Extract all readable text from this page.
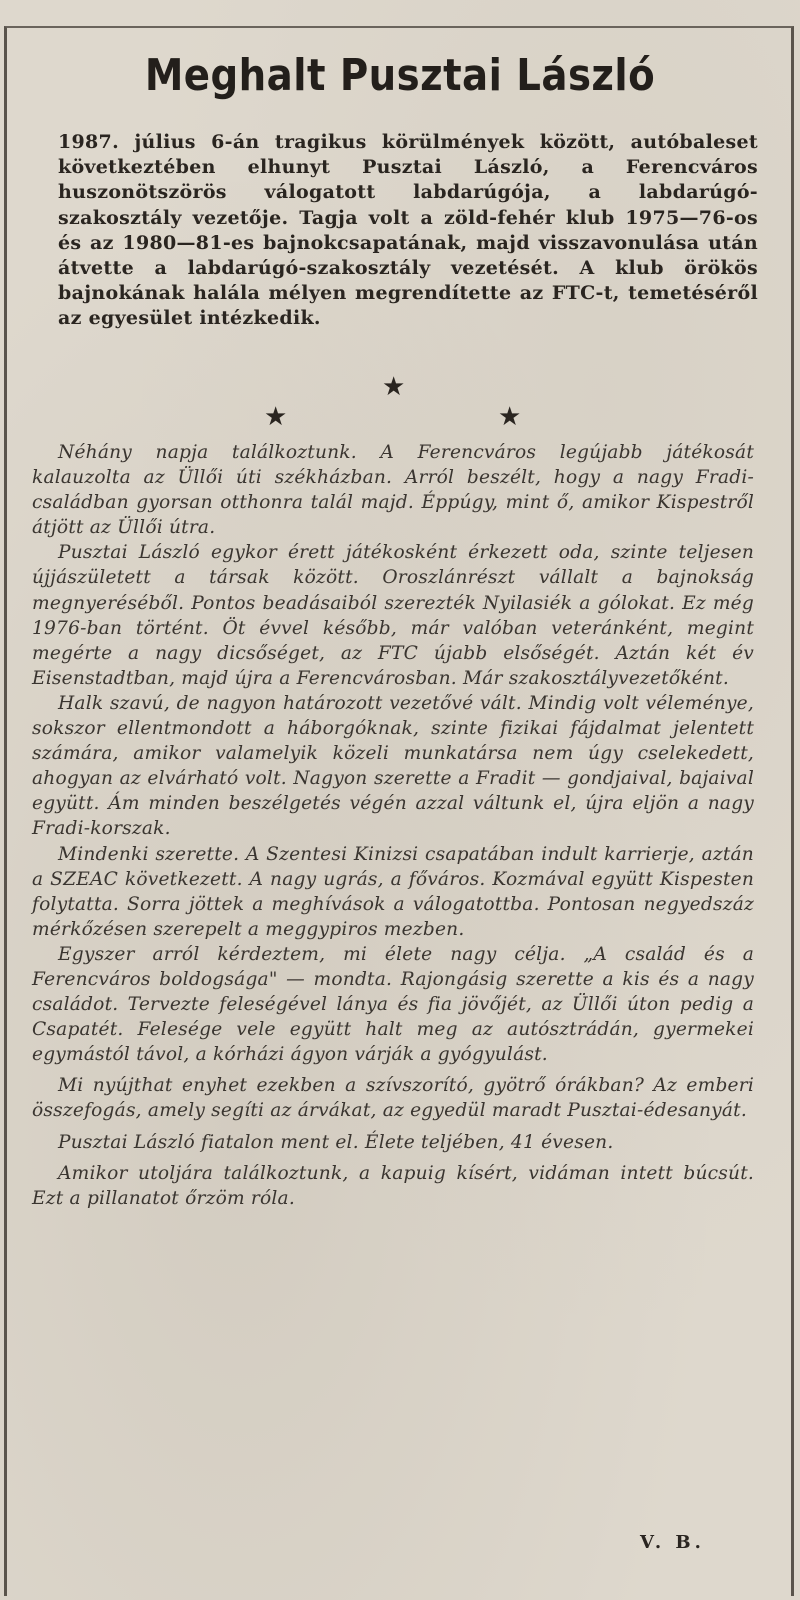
Meghalt Pusztai László

1987. július 6-án tragikus körülmények között, autóbaleset következtében elhunyt Pusztai László, a Ferencváros huszonötszörös válogatott labdarúgója, a labdarúgó-szakosztály vezetője. Tagja volt a zöld-fehér klub 1975—76-os és az 1980—81-es bajnokcsapatának, majd visszavonulása után átvette a labdarúgó-szakosztály vezetését. A klub örökös bajnokának halála mélyen megrendítette az FTC-t, temetéséről az egyesület intézkedik.

★
★	★

Néhány napja találkoztunk. A Ferencváros legújabb játékosát kalauzolta az Üllői úti székházban. Arról beszélt, hogy a nagy Fradi-családban gyorsan otthonra talál majd. Éppúgy, mint ő, amikor Kispestről átjött az Üllői útra.

Pusztai László egykor érett játékosként érkezett oda, szinte teljesen újjászületett a társak között. Oroszlánrészt vállalt a bajnokság megnyeréséből. Pontos beadásaiból szerezték Nyilasiék a gólokat. Ez még 1976-ban történt. Öt évvel később, már valóban veteránként, megint megérte a nagy dicsőséget, az FTC újabb elsőségét. Aztán két év Eisenstadtban, majd újra a Ferencvárosban. Már szakosztályvezetőként.

Halk szavú, de nagyon határozott vezetővé vált. Mindig volt véleménye, sokszor ellentmondott a háborgóknak, szinte fizikai fájdalmat jelentett számára, amikor valamelyik közeli munkatársa nem úgy cselekedett, ahogyan az elvárható volt. Nagyon szerette a Fradit — gondjaival, bajaival együtt. Ám minden beszélgetés végén azzal váltunk el, újra eljön a nagy Fradi-korszak.

Mindenki szerette. A Szentesi Kinizsi csapatában indult karrierje, aztán a SZEAC következett. A nagy ugrás, a főváros. Kozmával együtt Kispesten folytatta. Sorra jöttek a meghívások a válogatottba. Pontosan negyedszáz mérkőzésen szerepelt a meggypiros mezben.

Egyszer arról kérdeztem, mi élete nagy célja. „A család és a Ferencváros boldogsága" — mondta. Rajongásig szerette a kis és a nagy családot. Tervezte feleségével lánya és fia jövőjét, az Üllői úton pedig a Csapatét. Felesége vele együtt halt meg az autósztrádán, gyermekei egymástól távol, a kórházi ágyon várják a gyógyulást.

Mi nyújthat enyhet ezekben a szívszorító, gyötrő órákban? Az emberi összefogás, amely segíti az árvákat, az egyedül maradt Pusztai-édesanyát.

Pusztai László fiatalon ment el. Élete teljében, 41 évesen.

Amikor utoljára találkoztunk, a kapuig kísért, vidáman intett búcsút. Ezt a pillanatot őrzöm róla.

V. B.
